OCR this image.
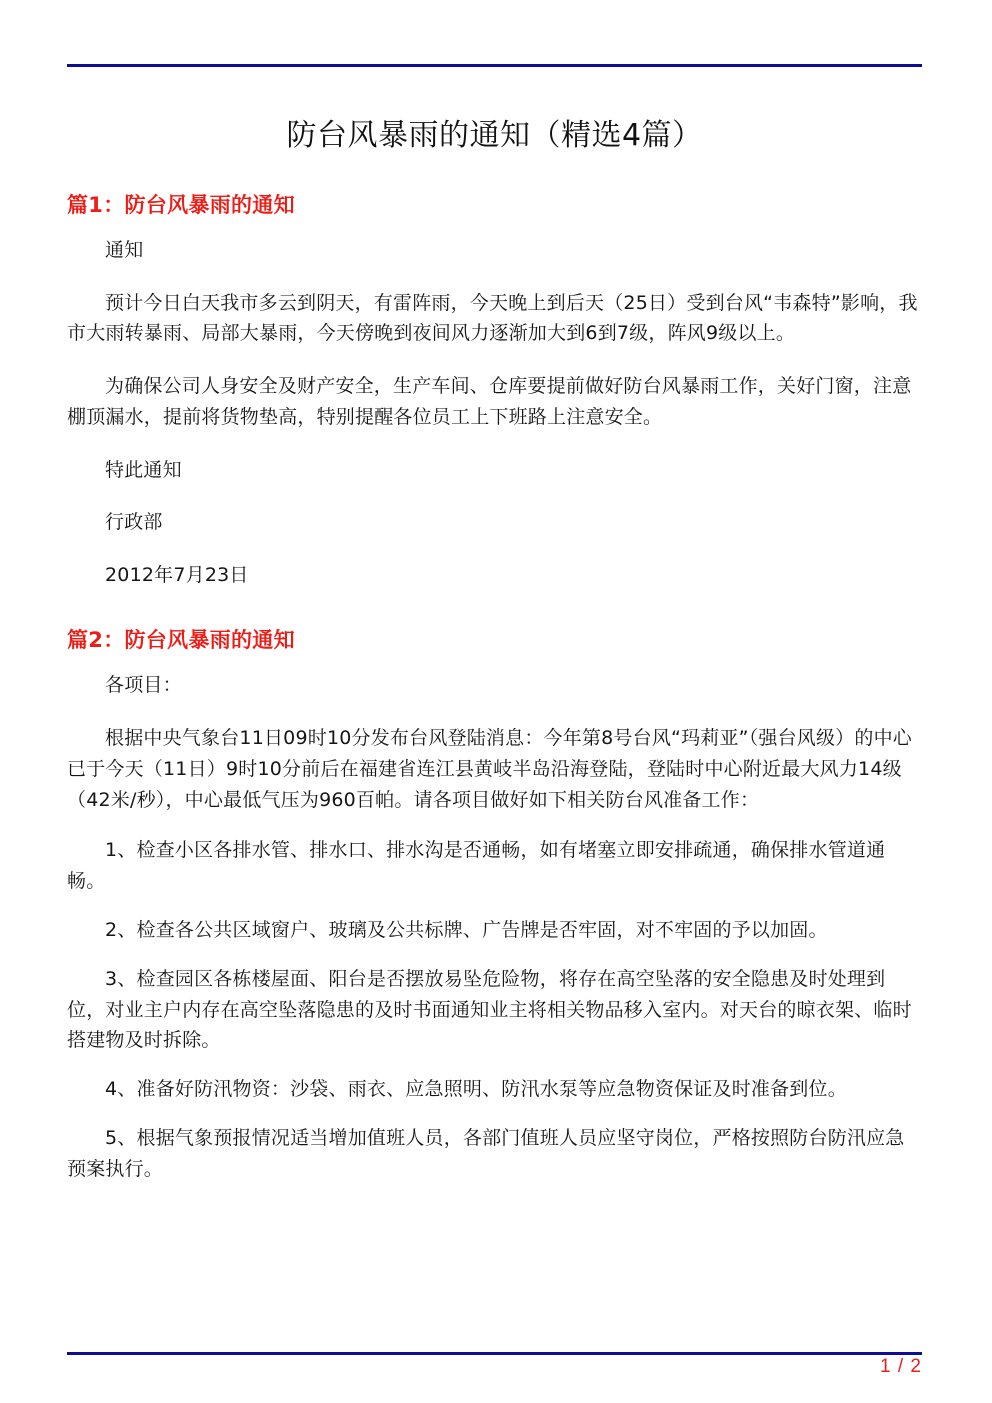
防台风暴雨的通知（精选4篇）
篇1：防台风暴雨的通知

通知

预计今日白天我市多云到阴天，有雷阵雨，今天晚上到后天（25日）受到台风“韦森特”影响，我市大雨转暴雨、局部大暴雨，今天傍晚到夜间风力逐渐加大到6到7级，阵风9级以上。

为确保公司人身安全及财产安全，生产车间、仓库要提前做好防台风暴雨工作，关好门窗，注意棚顶漏水，提前将货物垫高，特别提醒各位员工上下班路上注意安全。

特此通知

行政部

2012年7月23日

篇2：防台风暴雨的通知

各项目：

根据中央气象台11日09时10分发布台风登陆消息：今年第8号台风“玛莉亚”（强台风级）的中心已于今天（11日）9时10分前后在福建省连江县黄岐半岛沿海登陆，登陆时中心附近最大风力14级（42米/秒），中心最低气压为960百帕。请各项目做好如下相关防台风准备工作：

1、检查小区各排水管、排水口、排水沟是否通畅，如有堵塞立即安排疏通，确保排水管道通畅。

2、检查各公共区域窗户、玻璃及公共标牌、广告牌是否牢固，对不牢固的予以加固。

3、检查园区各栋楼屋面、阳台是否摆放易坠危险物，将存在高空坠落的安全隐患及时处理到位，对业主户内存在高空坠落隐患的及时书面通知业主将相关物品移入室内。对天台的晾衣架、临时搭建物及时拆除。

4、准备好防汛物资：沙袋、雨衣、应急照明、防汛水泵等应急物资保证及时准备到位。

5、根据气象预报情况适当增加值班人员，各部门值班人员应坚守岗位，严格按照防台防汛应急预案执行。

1 / 2
